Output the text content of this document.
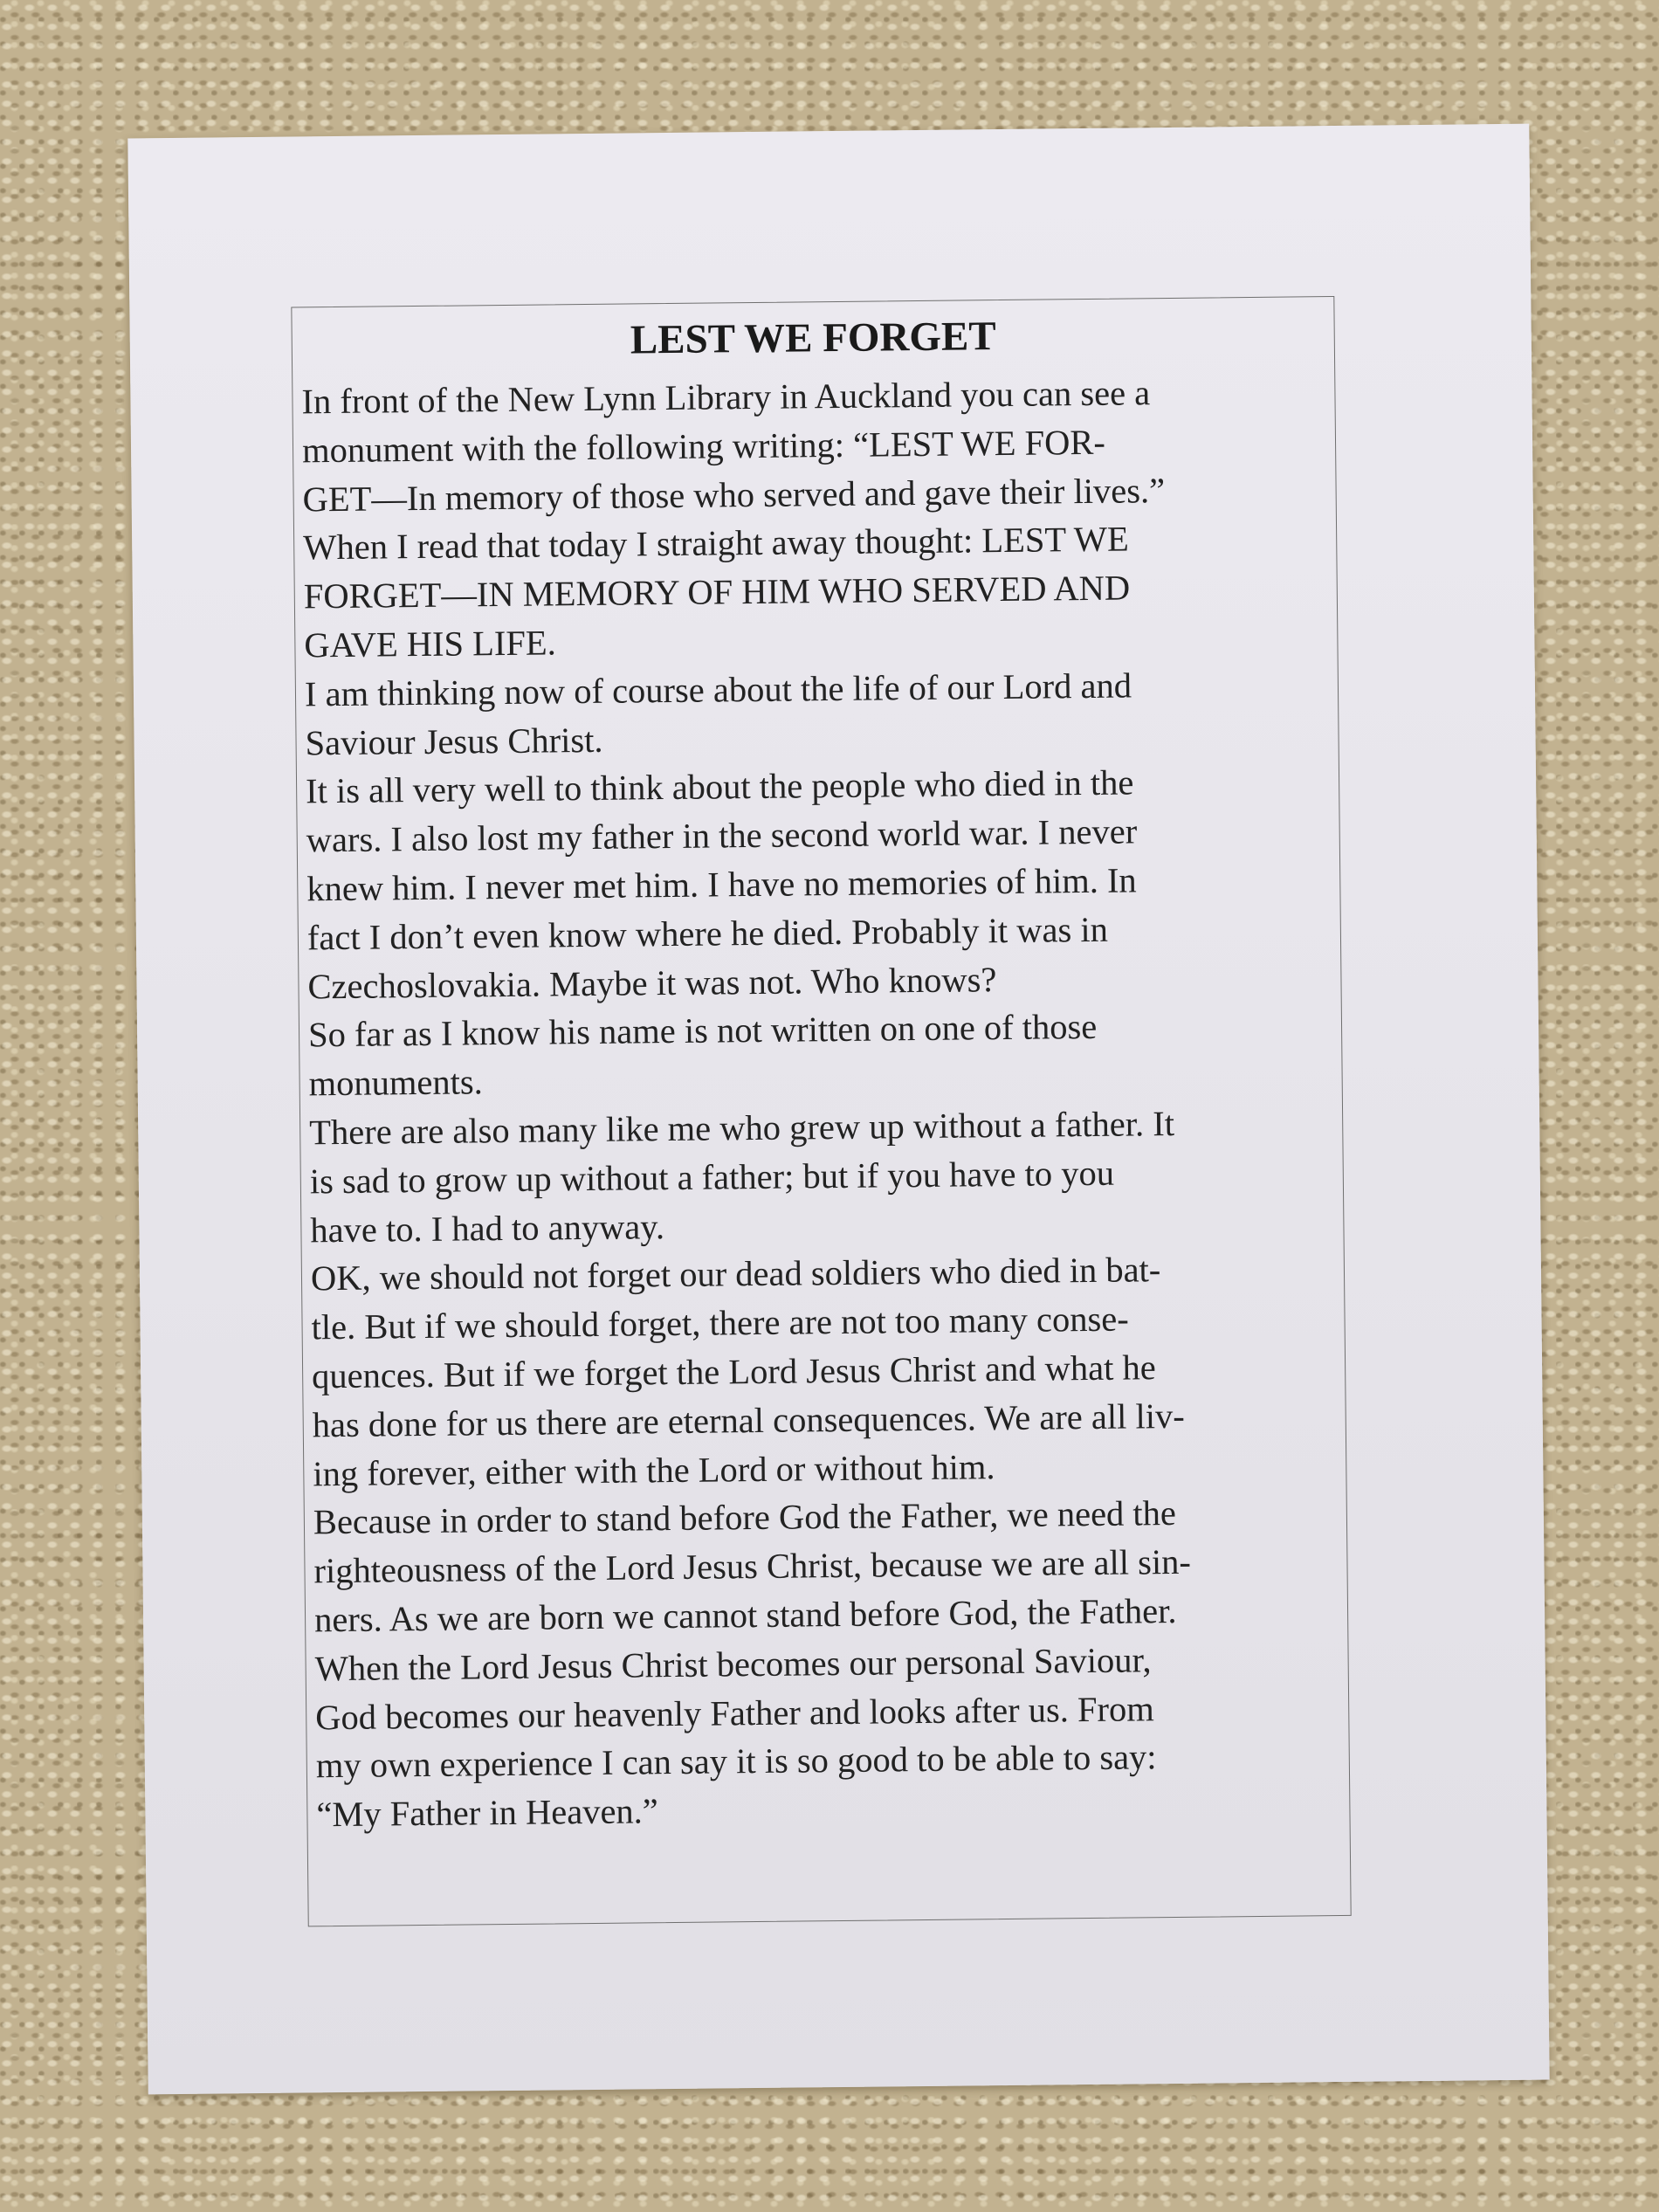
LEST WE FORGET
In front of the New Lynn Library in Auckland you can see a
monument with the following writing: “LEST WE FOR-
GET—In memory of those who served and gave their lives.”
When I read that today I straight away thought: LEST WE
FORGET—IN MEMORY OF HIM WHO SERVED AND
GAVE HIS LIFE.
I am thinking now of course about the life of our Lord and
Saviour Jesus Christ.
It is all very well to think about the people who died in the
wars. I also lost my father in the second world war. I never
knew him. I never met him. I have no memories of him. In
fact I don’t even know where he died. Probably it was in
Czechoslovakia. Maybe it was not. Who knows?
So far as I know his name is not written on one of those
monuments.
There are also many like me who grew up without a father. It
is sad to grow up without a father; but if you have to you
have to. I had to anyway.
OK, we should not forget our dead soldiers who died in bat-
tle. But if we should forget, there are not too many conse-
quences. But if we forget the Lord Jesus Christ and what he
has done for us there are eternal consequences. We are all liv-
ing forever, either with the Lord or without him.
Because in order to stand before God the Father, we need the
righteousness of the Lord Jesus Christ, because we are all sin-
ners. As we are born we cannot stand before God, the Father.
When the Lord Jesus Christ becomes our personal Saviour,
God becomes our heavenly Father and looks after us. From
my own experience I can say it is so good to be able to say:
“My Father in Heaven.”
